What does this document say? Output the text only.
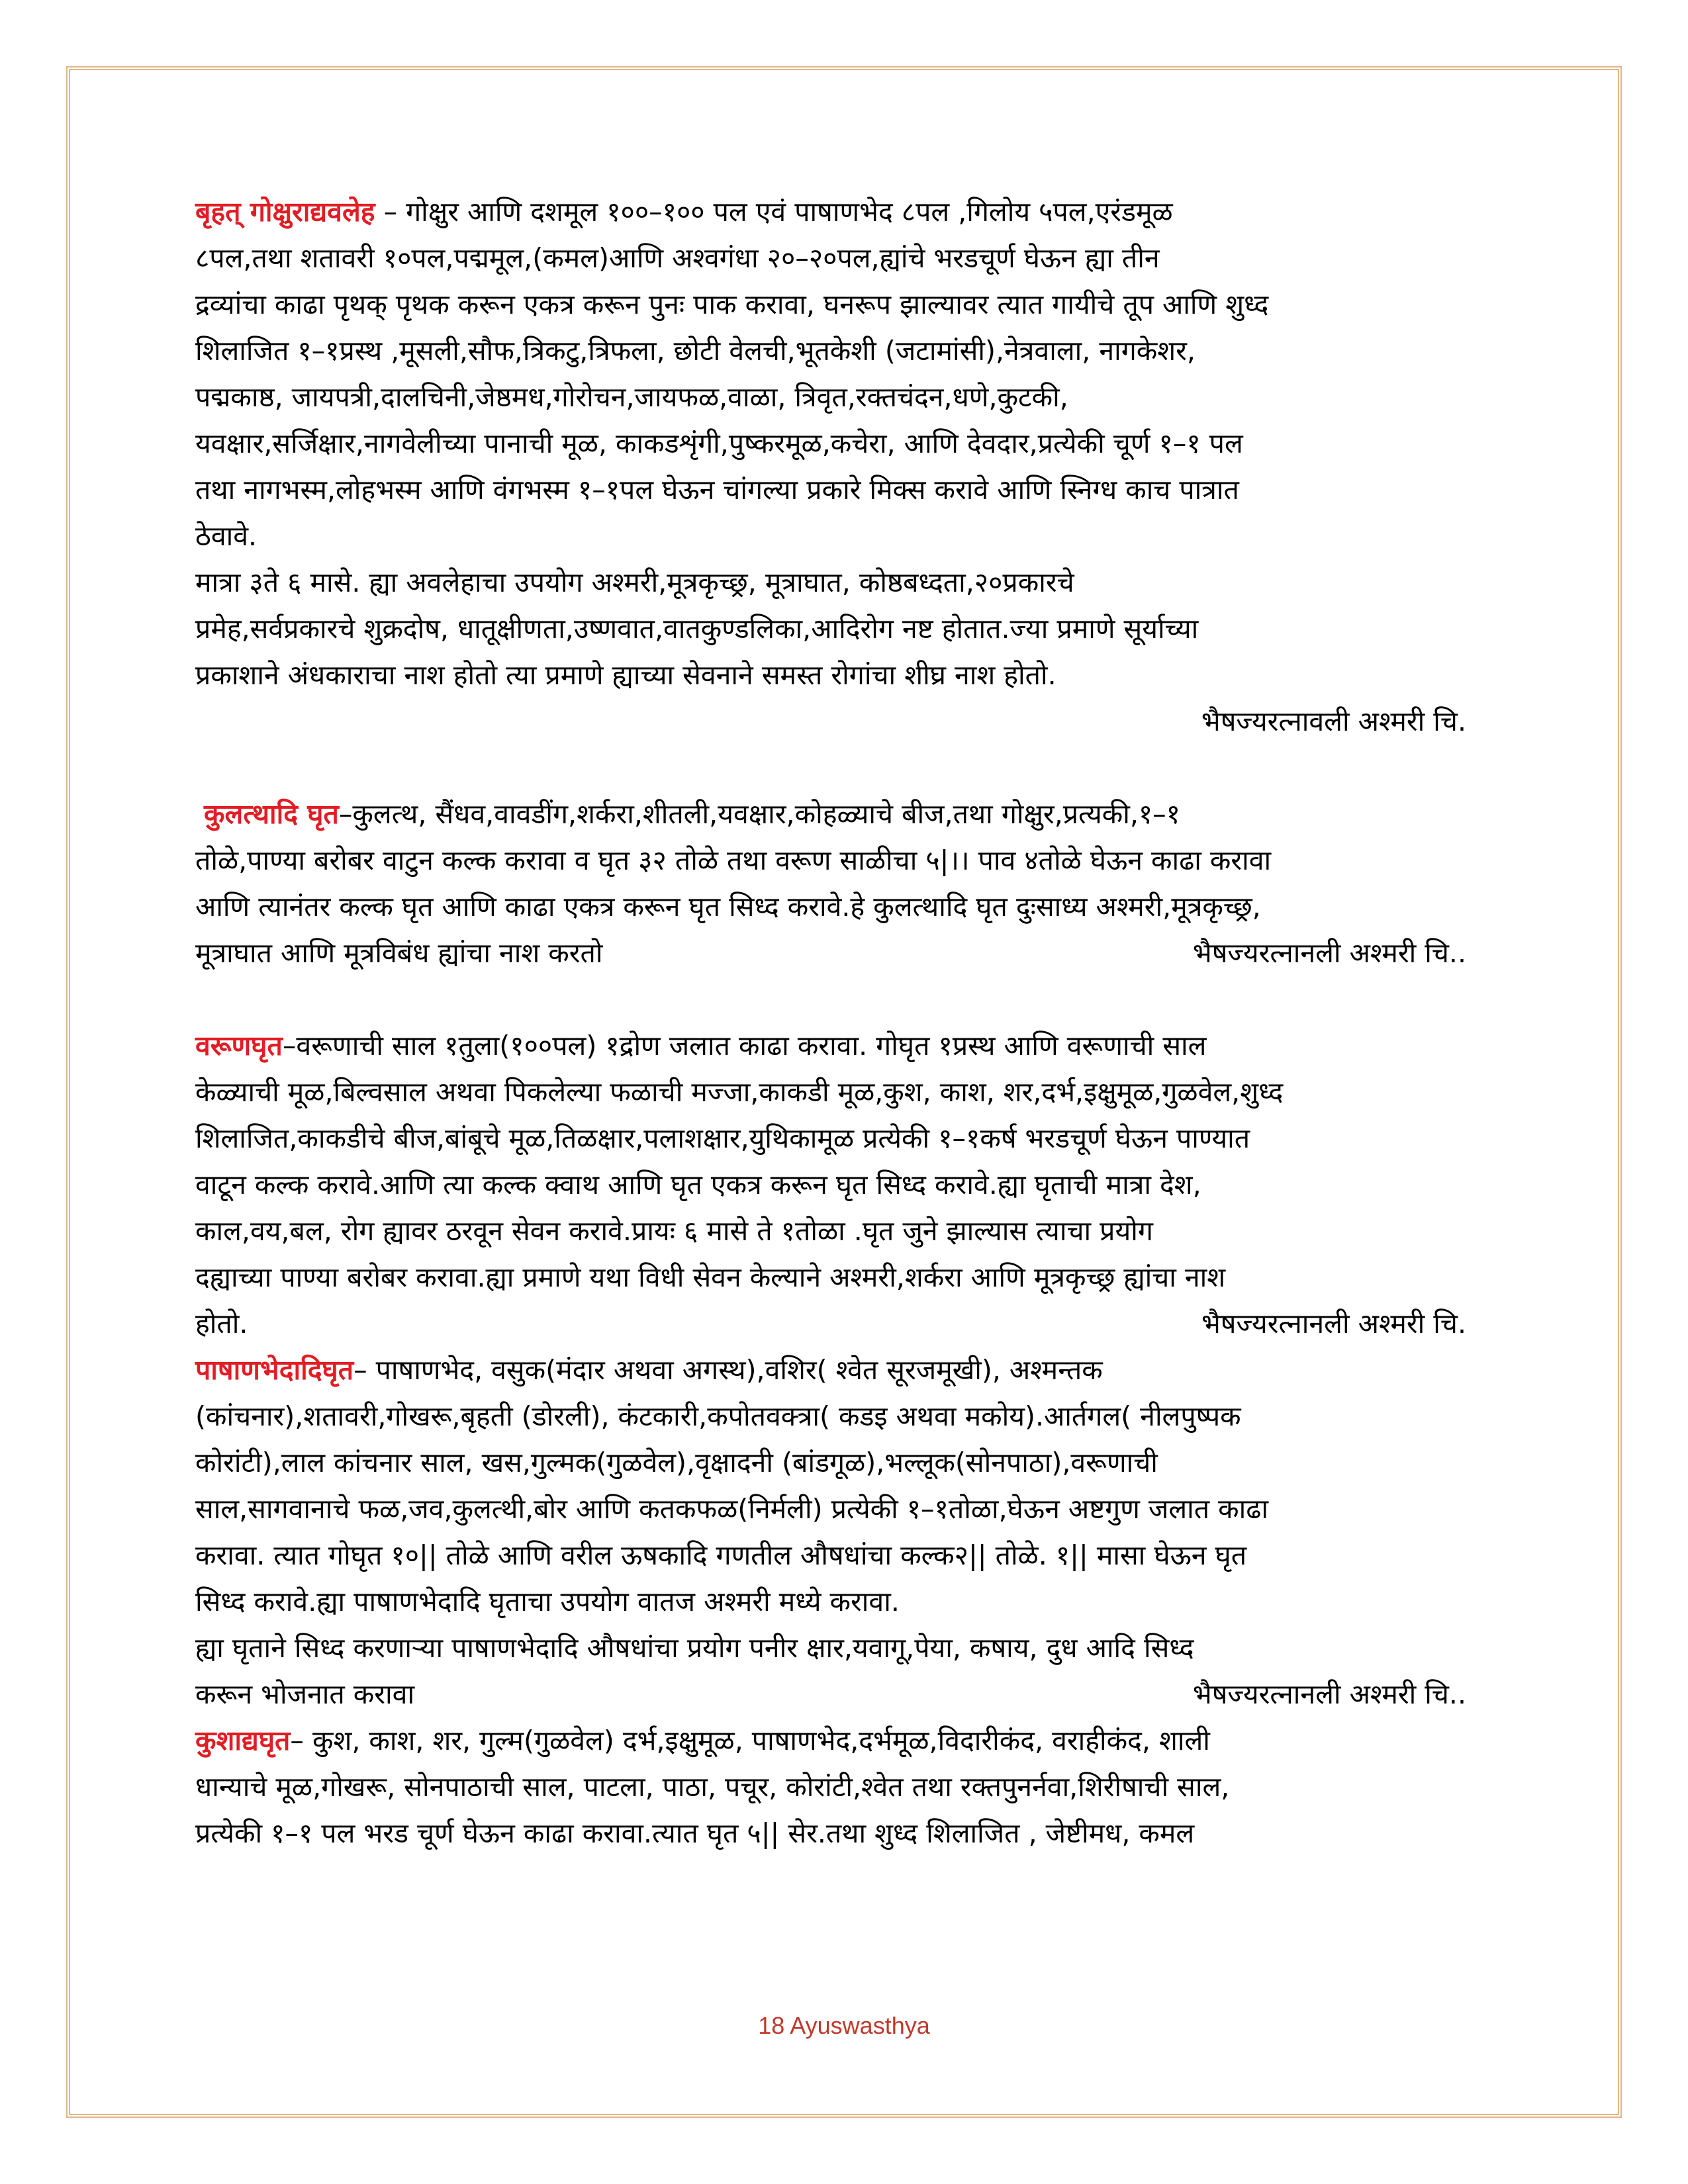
बृहत् गोक्षुराद्यवलेह – गोक्षुर आणि दशमूल १००–१०० पल एवं पाषाणभेद ८पल ,गिलोय ५पल,एरंडमूळ
८पल,तथा शतावरी १०पल,पद्ममूल,(कमल)आणि अश्वगंधा २०–२०पल,ह्यांचे भरडचूर्ण घेऊन ह्या तीन
द्रव्यांचा काढा पृथक् पृथक करून एकत्र करून पुनः पाक करावा, घनरूप झाल्यावर त्यात गायीचे तूप आणि शुध्द
शिलाजित १–१प्रस्थ ,मूसली,सौफ,त्रिकटु,त्रिफला, छोटी वेलची,भूतकेशी (जटामांसी),नेत्रवाला, नागकेशर,
पद्मकाष्ठ, जायपत्री,दालचिनी,जेष्ठमध,गोरोचन,जायफळ,वाळा, त्रिवृत,रक्तचंदन,धणे,कुटकी,
यवक्षार,सर्जिक्षार,नागवेलीच्या पानाची मूळ, काकडशृंगी,पुष्करमूळ,कचेरा, आणि देवदार,प्रत्येकी चूर्ण १–१ पल
तथा नागभस्म,लोहभस्म आणि वंगभस्म १–१पल घेऊन चांगल्या प्रकारे मिक्स करावे आणि स्निग्ध काच पात्रात
ठेवावे.
मात्रा ३ते ६ मासे. ह्या अवलेहाचा उपयोग अश्मरी,मूत्रकृच्छ्र, मूत्राघात, कोष्ठबध्दता,२०प्रकारचे
प्रमेह,सर्वप्रकारचे शुक्रदोष, धातूक्षीणता,उष्णवात,वातकुण्डलिका,आदिरोग नष्ट होतात.ज्या प्रमाणे सूर्याच्या
प्रकाशाने अंधकाराचा नाश होतो त्या प्रमाणे ह्याच्या सेवनाने समस्त रोगांचा शीघ्र नाश होतो.
भैषज्यरत्नावली अश्मरी चि.
कुलत्थादि घृत–कुलत्थ, सैंधव,वावडींग,शर्करा,शीतली,यवक्षार,कोहळ्याचे बीज,तथा गोक्षुर,प्रत्यकी,१–१
तोळे,पाण्या बरोबर वाटुन कल्क करावा व घृत ३२ तोळे तथा वरूण साळीचा ५|।। पाव ४तोळे घेऊन काढा करावा
आणि त्यानंतर कल्क घृत आणि काढा एकत्र करून घृत सिध्द करावे.हे कुलत्थादि घृत दुःसाध्य अश्मरी,मूत्रकृच्छ्र,
मूत्राघात आणि मूत्रविबंध ह्यांचा नाश करतो	भैषज्यरत्नानली अश्मरी चि..
वरूणघृत–वरूणाची साल १तुला(१००पल) १द्रोण जलात काढा करावा. गोघृत १प्रस्थ आणि वरूणाची साल
केळ्याची मूळ,बिल्वसाल अथवा पिकलेल्या फळाची मज्जा,काकडी मूळ,कुश, काश, शर,दर्भ,इक्षुमूळ,गुळवेल,शुध्द
शिलाजित,काकडीचे बीज,बांबूचे मूळ,तिळक्षार,पलाशक्षार,युथिकामूळ प्रत्येकी १–१कर्ष भरडचूर्ण घेऊन पाण्यात
वाटून कल्क करावे.आणि त्या कल्क क्वाथ आणि घृत एकत्र करून घृत सिध्द करावे.ह्या घृताची मात्रा देश,
काल,वय,बल, रोग ह्यावर ठरवून सेवन करावे.प्रायः ६ मासे ते १तोळा .घृत जुने झाल्यास त्याचा प्रयोग
दह्याच्या पाण्या बरोबर करावा.ह्या प्रमाणे यथा विधी सेवन केल्याने अश्मरी,शर्करा आणि मूत्रकृच्छ्र ह्यांचा नाश
होतो.	भैषज्यरत्नानली अश्मरी चि.
पाषाणभेदादिघृत– पाषाणभेद, वसुक(मंदार अथवा अगस्थ),वशिर( श्वेत सूरजमूखी), अश्मन्तक
(कांचनार),शतावरी,गोखरू,बृहती (डोरली), कंटकारी,कपोतवक्त्रा( कडइ अथवा मकोय).आर्तगल( नीलपुष्पक
कोरांटी),लाल कांचनार साल, खस,गुल्मक(गुळवेल),वृक्षादनी (बांडगूळ),भल्लूक(सोनपाठा),वरूणाची
साल,सागवानाचे फळ,जव,कुलत्थी,बोर आणि कतकफळ(निर्मली) प्रत्येकी १–१तोळा,घेऊन अष्टगुण जलात काढा
करावा. त्यात गोघृत १०|| तोळे आणि वरील ऊषकादि गणतील औषधांचा कल्क२|| तोळे. १|| मासा घेऊन घृत
सिध्द करावे.ह्या पाषाणभेदादि घृताचा उपयोग वातज अश्मरी मध्ये करावा.
ह्या घृताने सिध्द करणाऱ्या पाषाणभेदादि औषधांचा प्रयोग पनीर क्षार,यवागू,पेया, कषाय, दुध आदि सिध्द
करून भोजनात करावा	भैषज्यरत्नानली अश्मरी चि..
कुशाद्यघृत– कुश, काश, शर, गुल्म(गुळवेल) दर्भ,इक्षुमूळ, पाषाणभेद,दर्भमूळ,विदारीकंद, वराहीकंद, शाली
धान्याचे मूळ,गोखरू, सोनपाठाची साल, पाटला, पाठा, पचूर, कोरांटी,श्वेत तथा रक्तपुनर्नवा,शिरीषाची साल,
प्रत्येकी १–१ पल भरड चूर्ण घेऊन काढा करावा.त्यात घृत ५|| सेर.तथा शुध्द शिलाजित , जेष्टीमध, कमल
18 Ayuswasthya
